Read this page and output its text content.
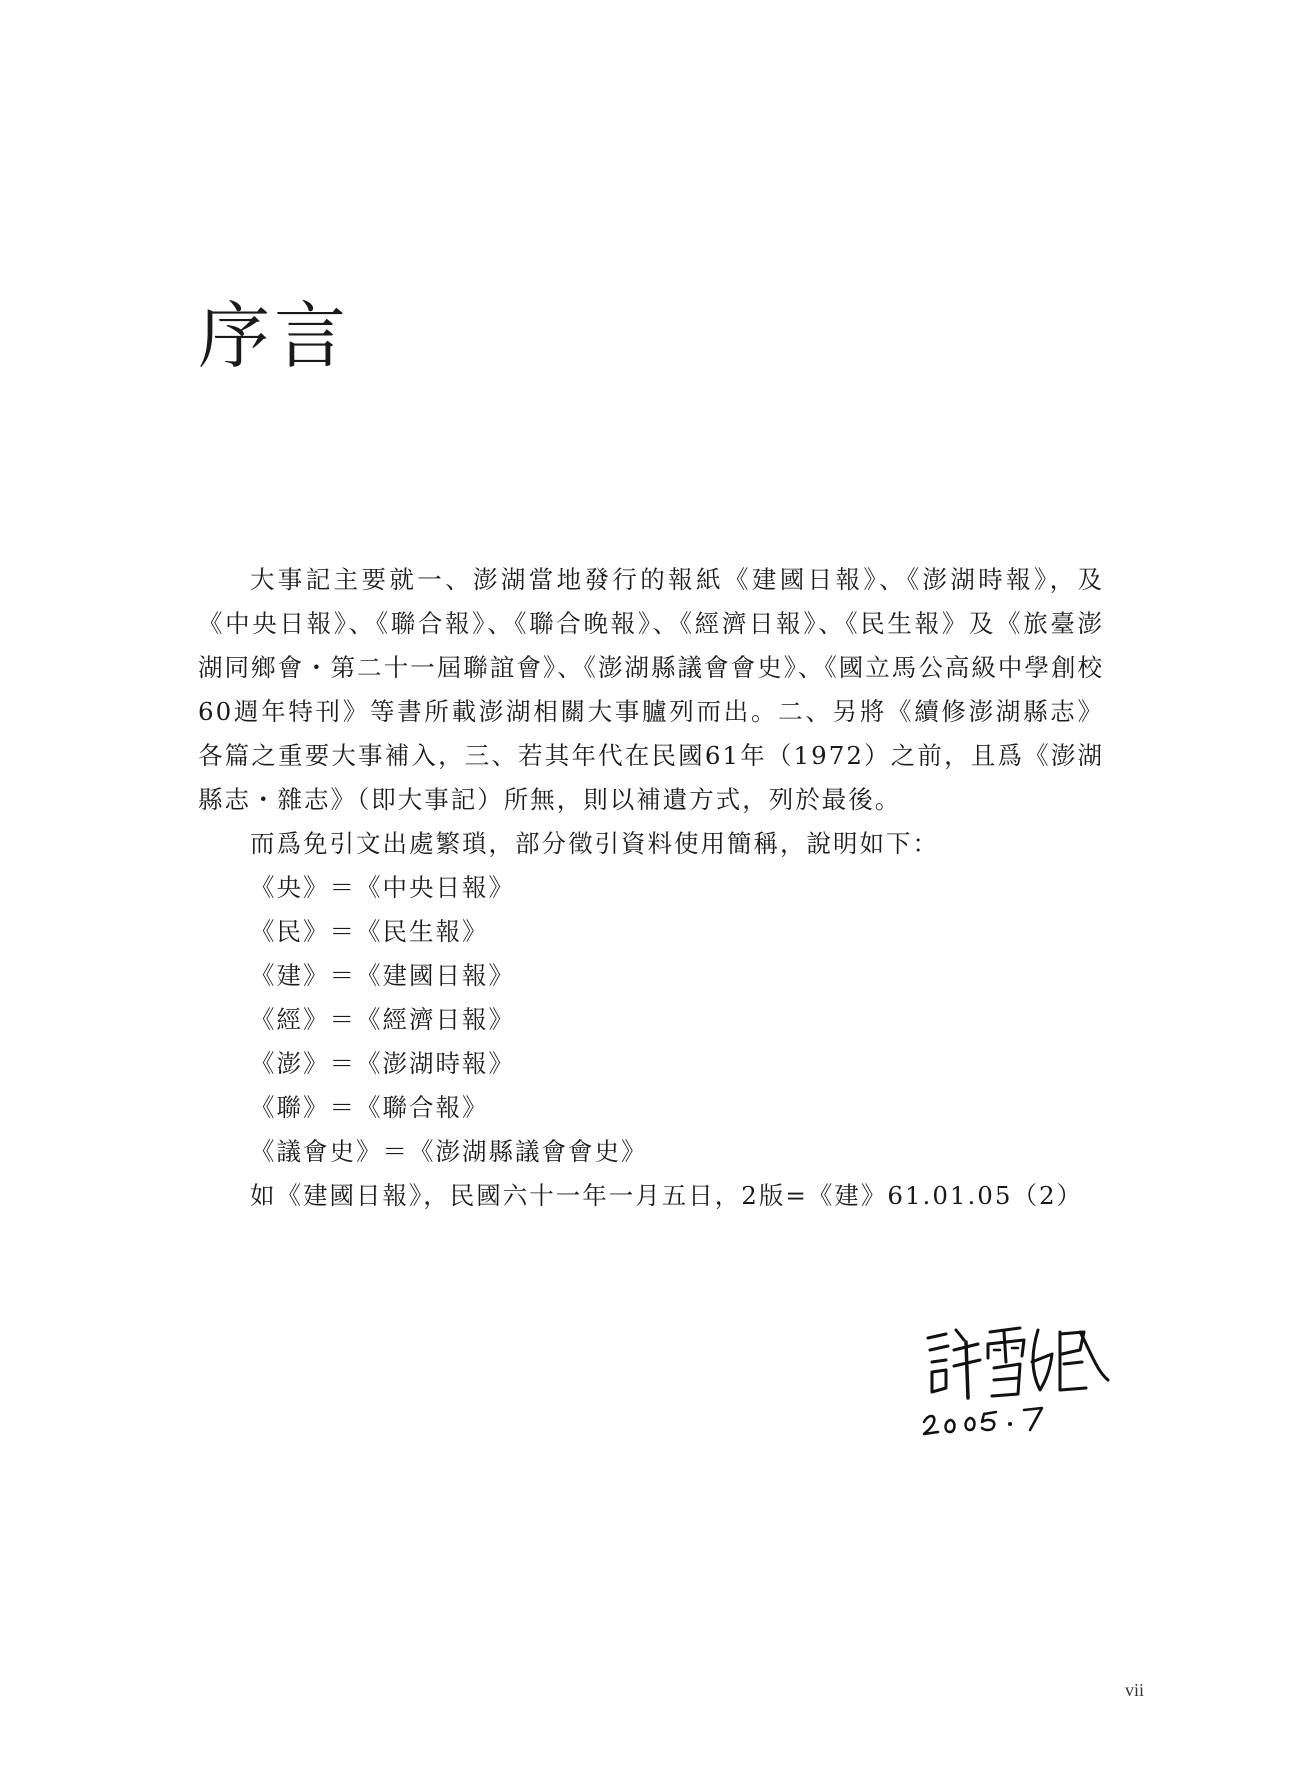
序言

大事記主要就一、澎湖當地發行的報紙《建國日報》、《澎湖時報》，及《中央日報》、《聯合報》、《聯合晚報》、《經濟日報》、《民生報》及《旅臺澎湖同鄉會・第二十一屆聯誼會》、《澎湖縣議會會史》、《國立馬公高級中學創校60週年特刊》等書所載澎湖相關大事臚列而出。二、另將《續修澎湖縣志》各篇之重要大事補入，三、若其年代在民國61年（1972）之前，且爲《澎湖縣志・雜志》（即大事記）所無，則以補遺方式，列於最後。

而爲免引文出處繁瑣，部分徵引資料使用簡稱，說明如下：

《央》＝《中央日報》
《民》＝《民生報》
《建》＝《建國日報》
《經》＝《經濟日報》
《澎》＝《澎湖時報》
《聯》＝《聯合報》
《議會史》＝《澎湖縣議會會史》

如《建國日報》，民國六十一年一月五日，2版=《建》61.01.05（2）

vii
